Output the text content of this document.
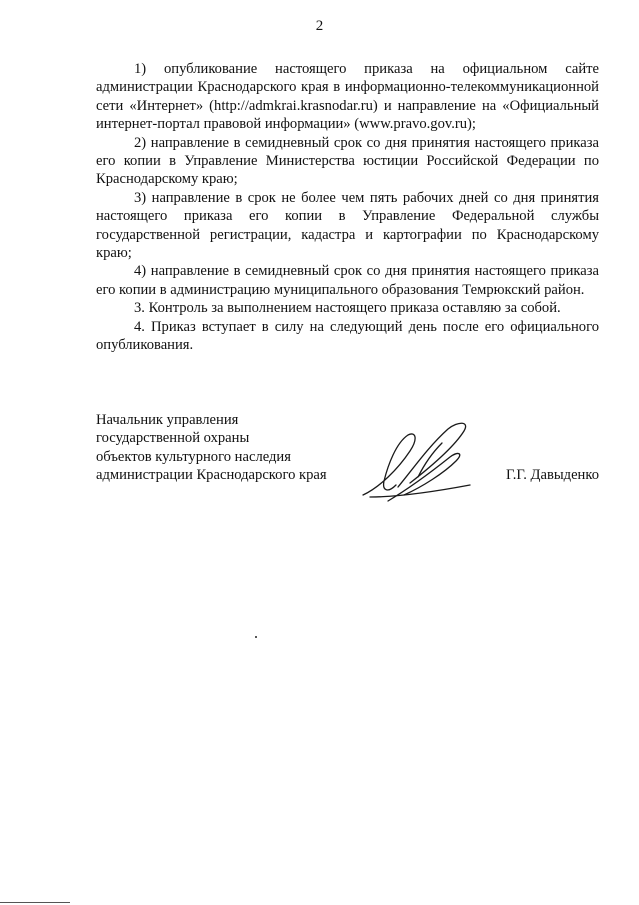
2

1) опубликование настоящего приказа на официальном сайте администрации Краснодарского края в информационно-телекоммуникационной сети «Интернет» (http://admkrai.krasnodar.ru) и направление на «Официальный интернет-портал правовой информации» (www.pravo.gov.ru);

2) направление в семидневный срок со дня принятия настоящего приказа его копии в Управление Министерства юстиции Российской Федерации по Краснодарскому краю;

3) направление в срок не более чем пять рабочих дней со дня принятия настоящего приказа его копии в Управление Федеральной службы государственной регистрации, кадастра и картографии по Краснодарскому краю;

4) направление в семидневный срок со дня принятия настоящего приказа его копии в администрацию муниципального образования Темрюкский район.

3. Контроль за выполнением настоящего приказа оставляю за собой.

4. Приказ вступает в силу на следующий день после его официального опубликования.

Начальник управления
государственной охраны
объектов культурного наследия
администрации Краснодарского края	Г.Г. Давыденко
